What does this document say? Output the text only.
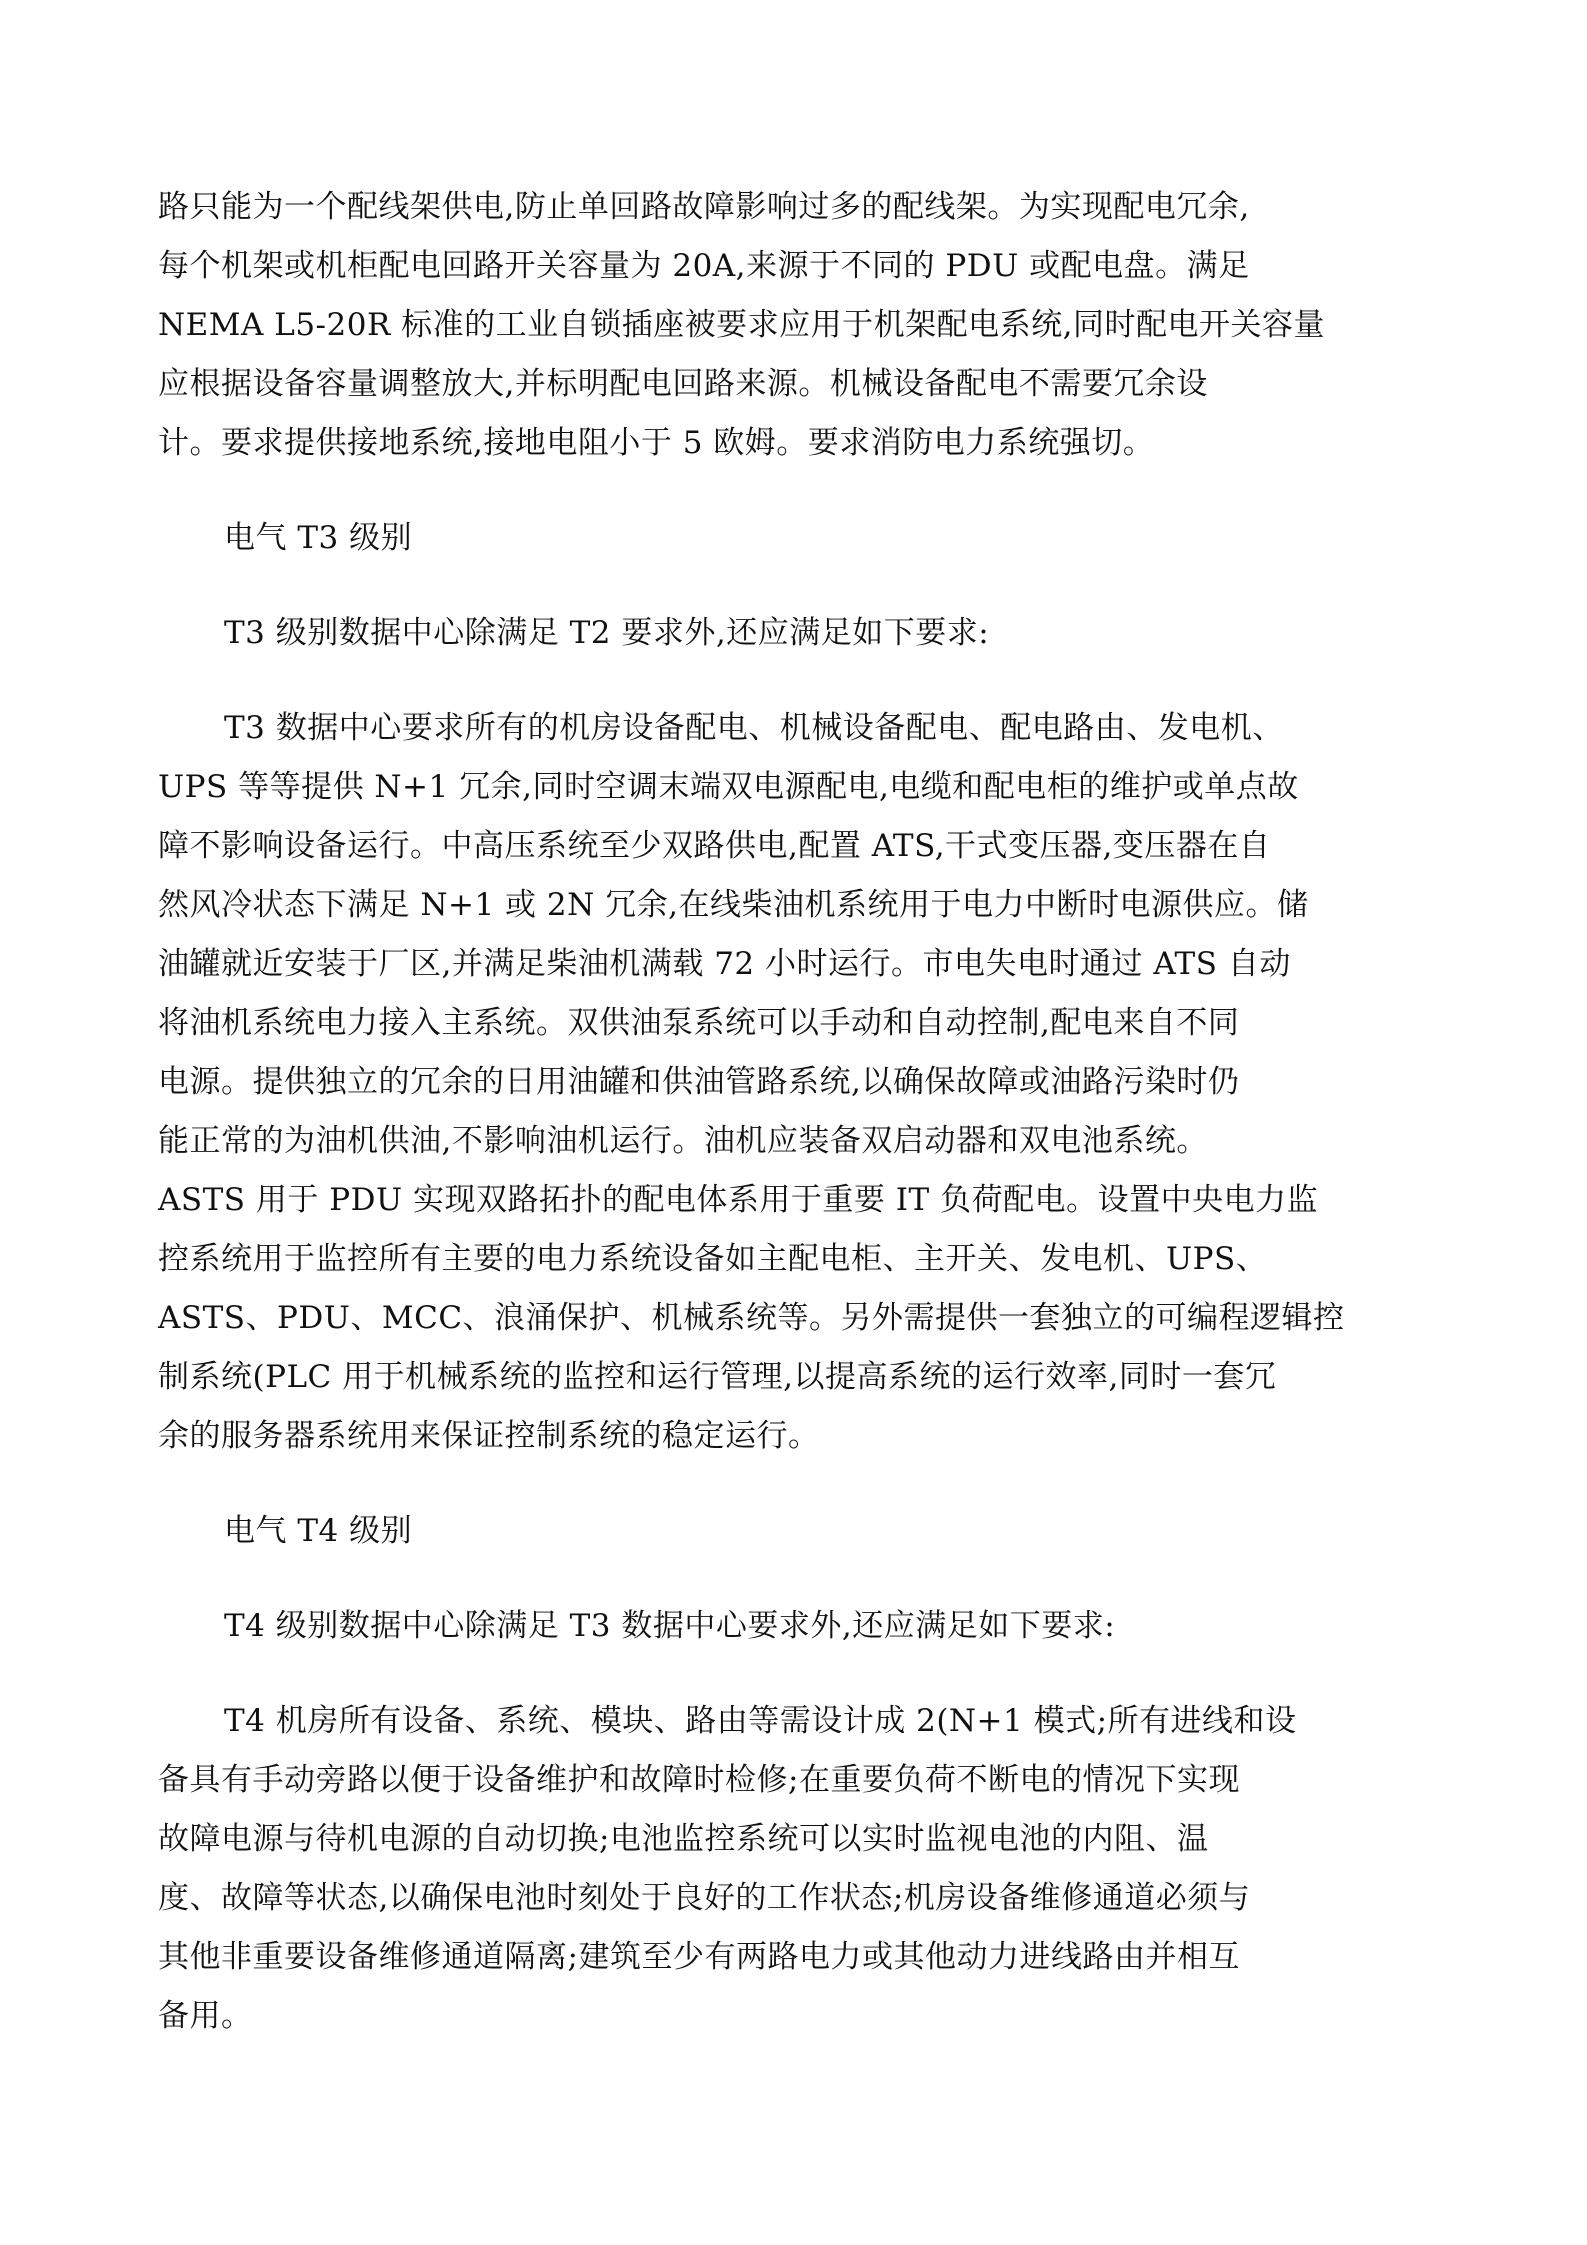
路只能为一个配线架供电,防止单回路故障影响过多的配线架。为实现配电冗余,
每个机架或机柜配电回路开关容量为 20A,来源于不同的 PDU 或配电盘。满足
NEMA L5-20R 标准的工业自锁插座被要求应用于机架配电系统,同时配电开关容量
应根据设备容量调整放大,并标明配电回路来源。机械设备配电不需要冗余设
计。要求提供接地系统,接地电阻小于 5 欧姆。要求消防电力系统强切。
电气 T3 级别
T3 级别数据中心除满足 T2 要求外,还应满足如下要求:
T3 数据中心要求所有的机房设备配电、机械设备配电、配电路由、发电机、
UPS 等等提供 N+1 冗余,同时空调末端双电源配电,电缆和配电柜的维护或单点故
障不影响设备运行。中高压系统至少双路供电,配置 ATS,干式变压器,变压器在自
然风冷状态下满足 N+1 或 2N 冗余,在线柴油机系统用于电力中断时电源供应。储
油罐就近安装于厂区,并满足柴油机满载 72 小时运行。市电失电时通过 ATS 自动
将油机系统电力接入主系统。双供油泵系统可以手动和自动控制,配电来自不同
电源。提供独立的冗余的日用油罐和供油管路系统,以确保故障或油路污染时仍
能正常的为油机供油,不影响油机运行。油机应装备双启动器和双电池系统。
ASTS 用于 PDU 实现双路拓扑的配电体系用于重要 IT 负荷配电。设置中央电力监
控系统用于监控所有主要的电力系统设备如主配电柜、主开关、发电机、UPS、
ASTS、PDU、MCC、浪涌保护、机械系统等。另外需提供一套独立的可编程逻辑控
制系统(PLC 用于机械系统的监控和运行管理,以提高系统的运行效率,同时一套冗
余的服务器系统用来保证控制系统的稳定运行。
电气 T4 级别
T4 级别数据中心除满足 T3 数据中心要求外,还应满足如下要求:
T4 机房所有设备、系统、模块、路由等需设计成 2(N+1 模式;所有进线和设
备具有手动旁路以便于设备维护和故障时检修;在重要负荷不断电的情况下实现
故障电源与待机电源的自动切换;电池监控系统可以实时监视电池的内阻、温
度、故障等状态,以确保电池时刻处于良好的工作状态;机房设备维修通道必须与
其他非重要设备维修通道隔离;建筑至少有两路电力或其他动力进线路由并相互
备用。
